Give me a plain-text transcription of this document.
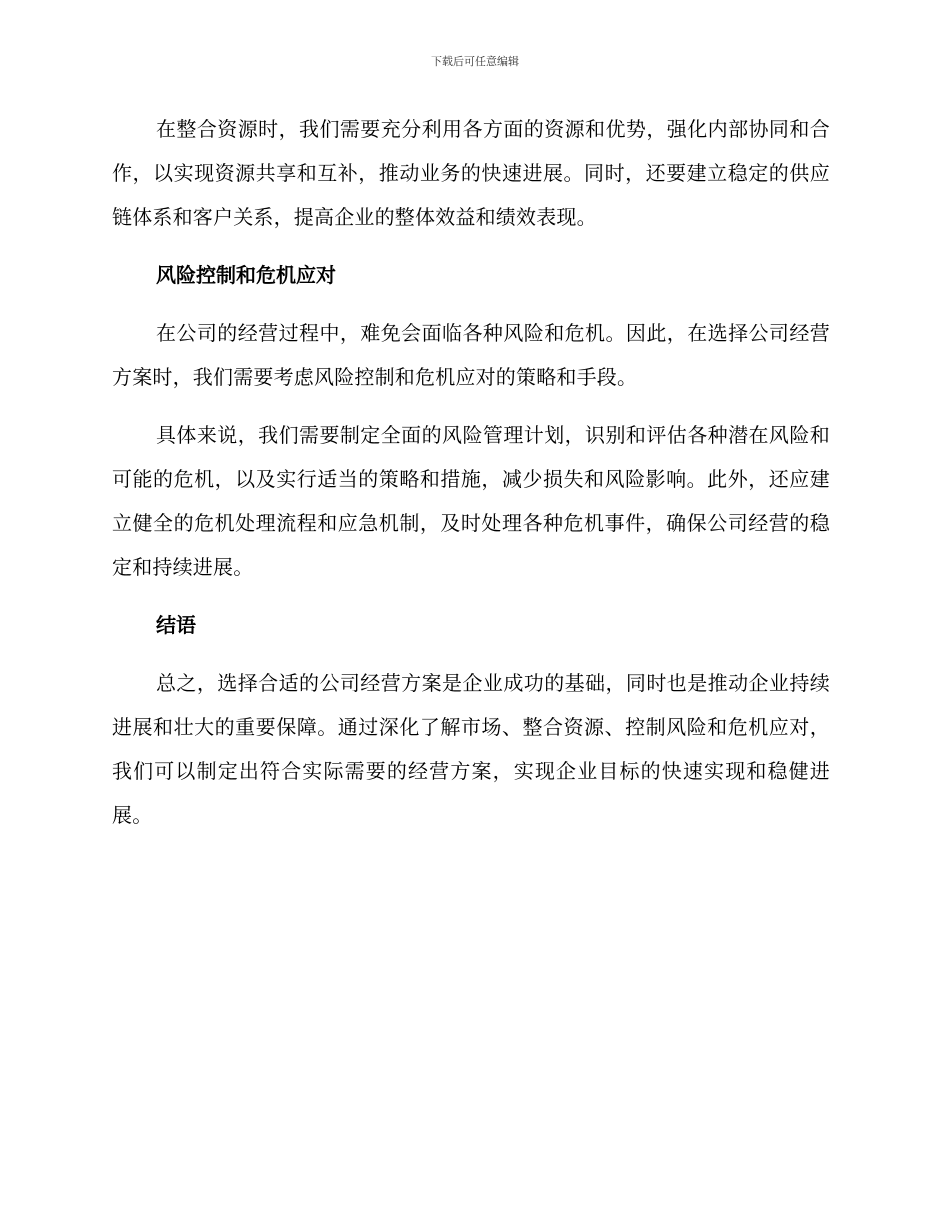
下载后可任意编辑

在整合资源时，我们需要充分利用各方面的资源和优势，强化内部协同和合作，以实现资源共享和互补，推动业务的快速进展。同时，还要建立稳定的供应链体系和客户关系，提高企业的整体效益和绩效表现。

风险控制和危机应对

在公司的经营过程中，难免会面临各种风险和危机。因此，在选择公司经营方案时，我们需要考虑风险控制和危机应对的策略和手段。

具体来说，我们需要制定全面的风险管理计划，识别和评估各种潜在风险和可能的危机，以及实行适当的策略和措施，减少损失和风险影响。此外，还应建立健全的危机处理流程和应急机制，及时处理各种危机事件，确保公司经营的稳定和持续进展。

结语

总之，选择合适的公司经营方案是企业成功的基础，同时也是推动企业持续进展和壮大的重要保障。通过深化了解市场、整合资源、控制风险和危机应对，我们可以制定出符合实际需要的经营方案，实现企业目标的快速实现和稳健进展。
